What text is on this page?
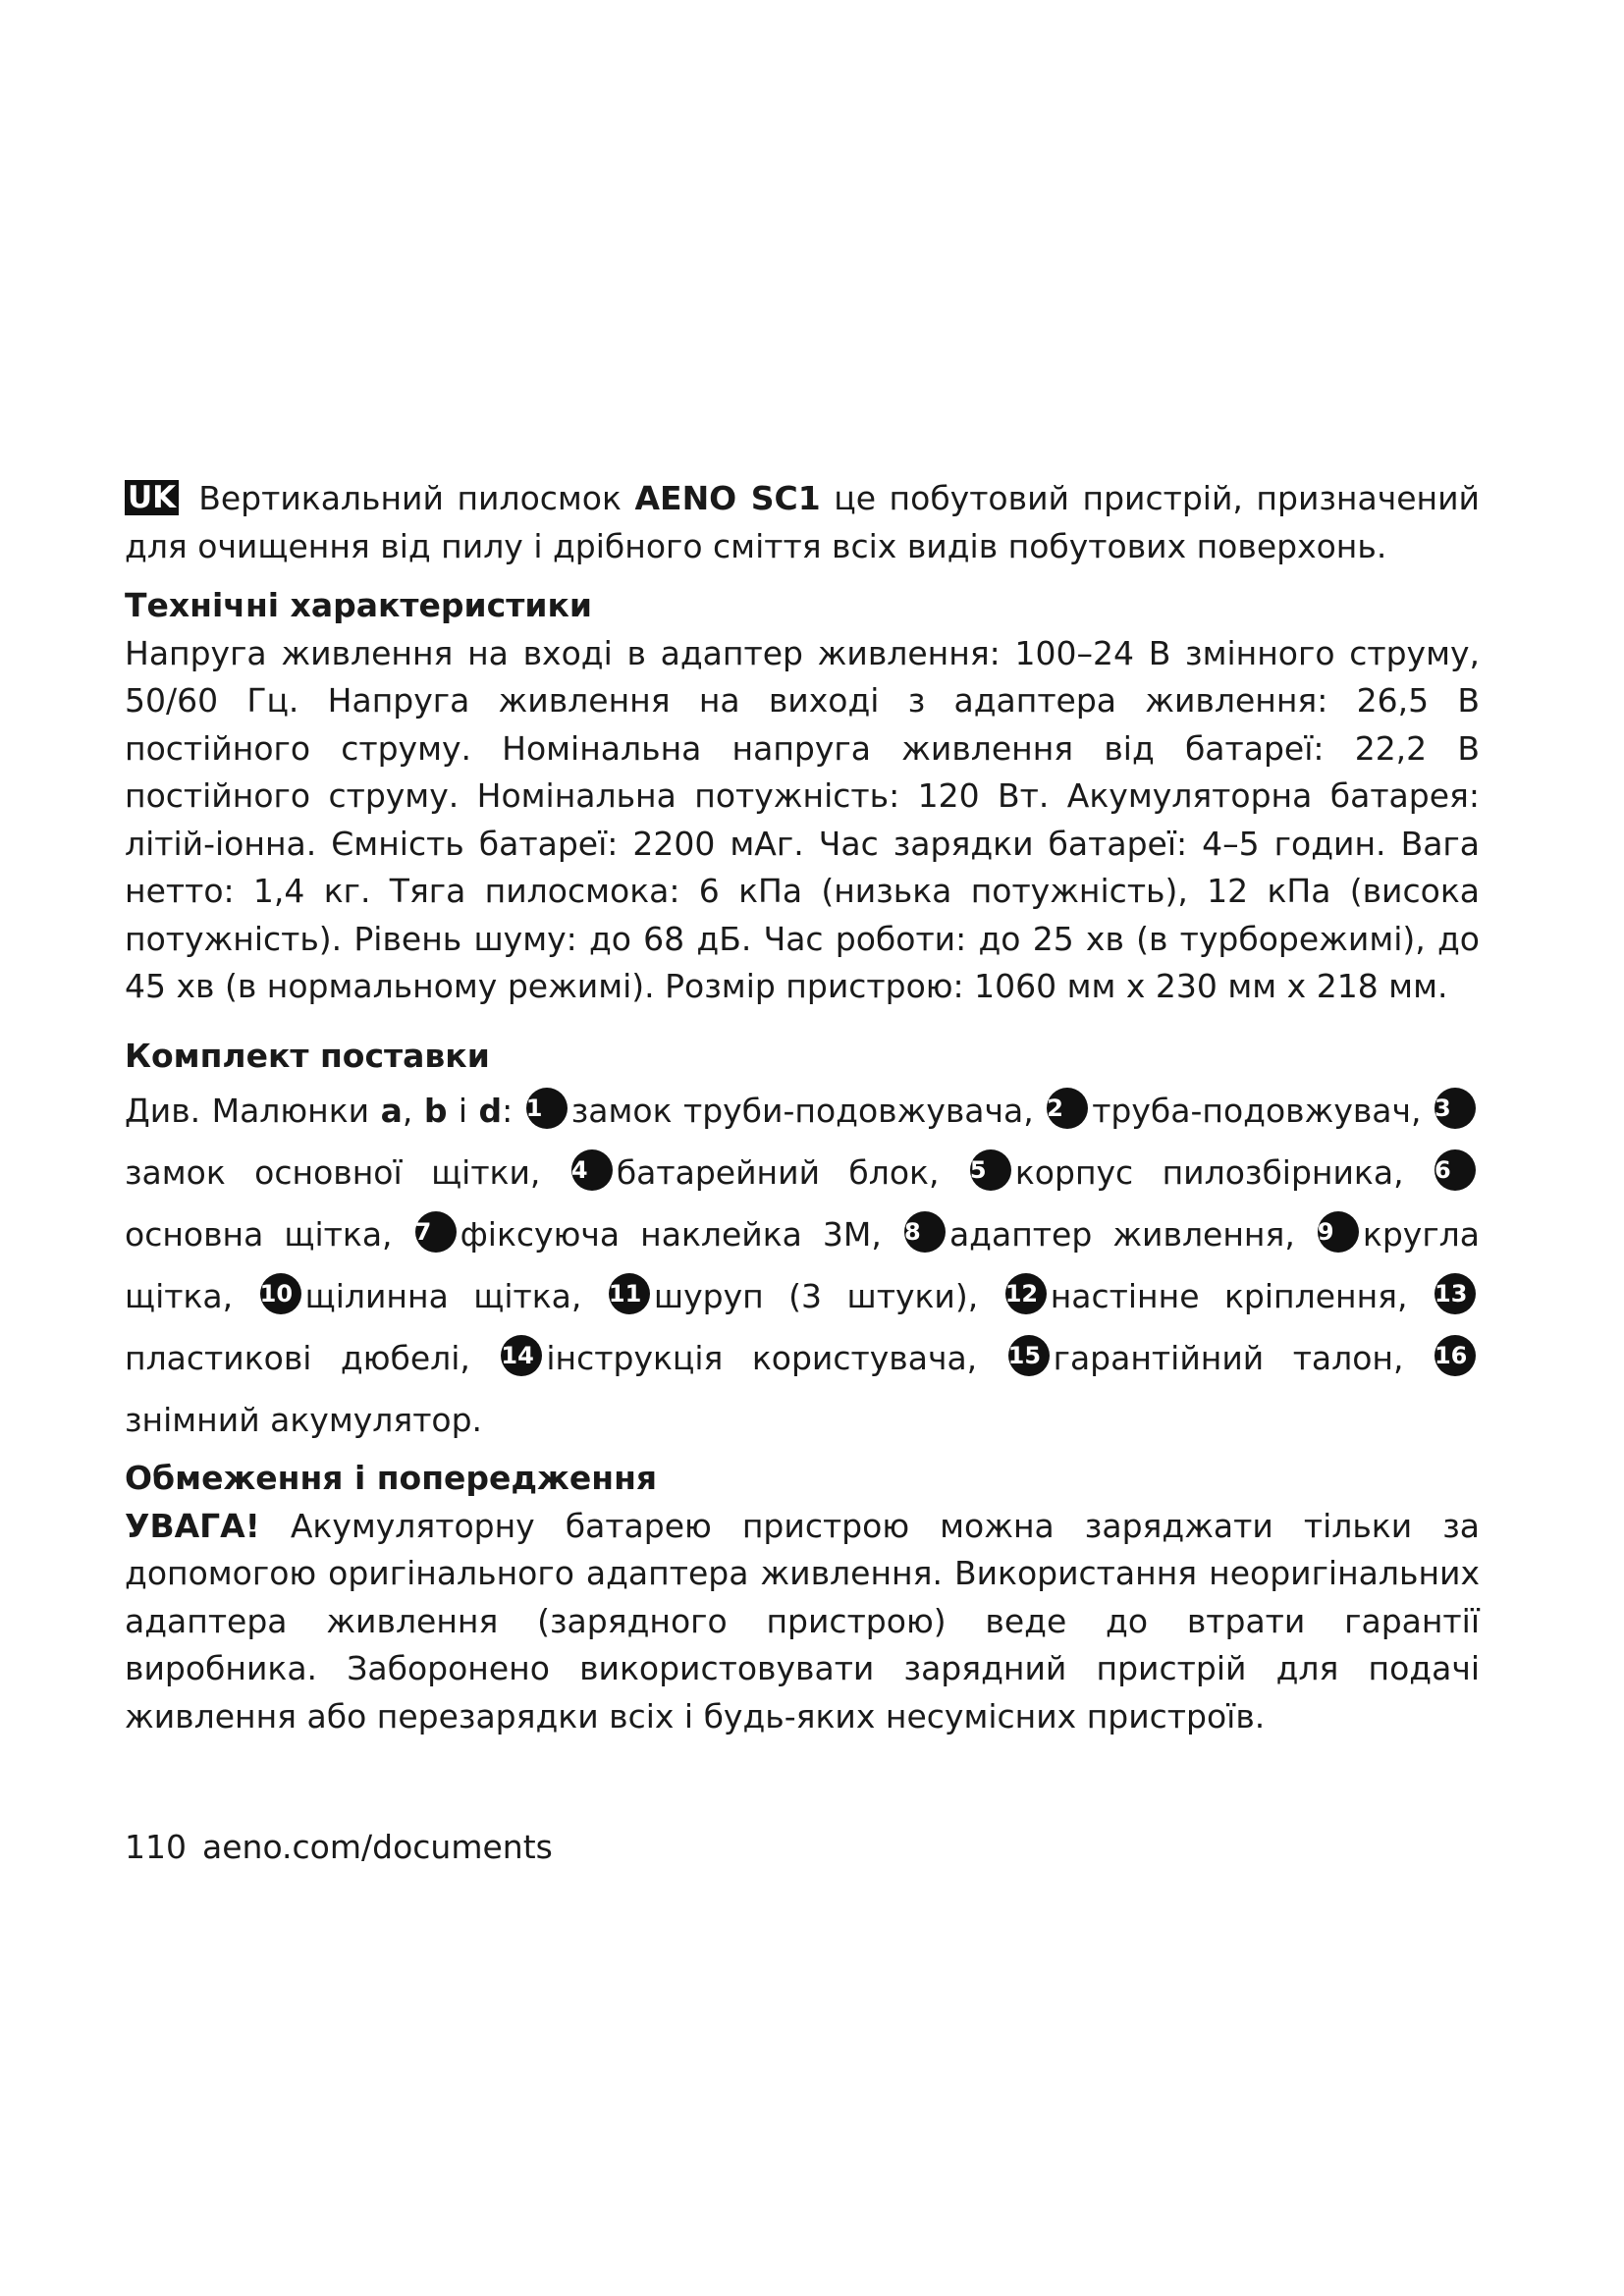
UK Вертикальний пилосмок AENO SC1 це побутовий пристрій, призначений для очищення від пилу і дрібного сміття всіх видів побутових поверхонь.

Технічні характеристики

Напруга живлення на вході в адаптер живлення: 100–24 В змінного струму, 50/60 Гц. Напруга живлення на виході з адаптера живлення: 26,5 В постійного струму. Номінальна напруга живлення від батареї: 22,2 В постійного струму. Номінальна потужність: 120 Вт. Акумуляторна батарея: літій-іонна. Ємність батареї: 2200 мАг. Час зарядки батареї: 4–5 годин. Вага нетто: 1,4 кг. Тяга пилосмока: 6 кПа (низька потужність), 12 кПа (висока потужність). Рівень шуму: до 68 дБ. Час роботи: до 25 хв (в турборежимі), до 45 хв (в нормальному режимі). Розмір пристрою: 1060 мм х 230 мм х 218 мм.

Комплект поставки

Див. Малюнки a, b і d: 1 замок труби-подовжувача, 2 труба-подовжувач, 3замок основної щітки, 4 батарейний блок, 5 корпус пилозбірника, 6основна щітка, 7 фіксуюча наклейка 3М, 8 адаптер живлення, 9 кругла щітка, 10 щілинна щітка, 11 шуруп (3 штуки), 12 настінне кріплення, 13пластикові дюбелі, 14 інструкція користувача, 15 гарантійний талон, 16знімний акумулятор.

Обмеження і попередження

УВАГА! Акумуляторну батарею пристрою можна заряджати тільки за допомогою оригінального адаптера живлення. Використання неоригінальних адаптера живлення (зарядного пристрою) веде до втрати гарантії виробника. Заборонено використовувати зарядний пристрій для подачі живлення або перезарядки всіх і будь-яких несумісних пристроїв.

110 aeno.com/documents
